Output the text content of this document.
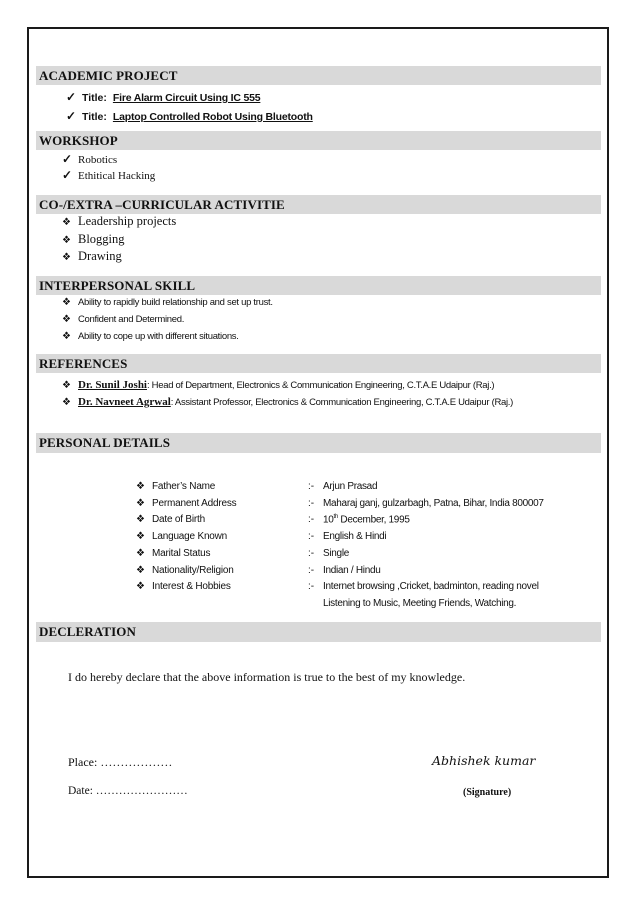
ACADEMIC PROJECT
✓ Title: Fire Alarm Circuit Using IC 555
✓ Title: Laptop Controlled Robot Using Bluetooth
WORKSHOP
✓ Robotics
✓ Ethitical Hacking
CO-/EXTRA –CURRICULAR ACTIVITIE
❖ Leadership projects
❖ Blogging
❖ Drawing
INTERPERSONAL SKILL
❖ Ability to rapidly build relationship and set up trust.
❖ Confident and Determined.
❖ Ability to cope up with different situations.
REFERENCES
❖ Dr. Sunil Joshi: Head of Department, Electronics & Communication Engineering, C.T.A.E Udaipur (Raj.)
❖ Dr. Navneet Agrwal: Assistant Professor, Electronics & Communication Engineering, C.T.A.E Udaipur (Raj.)
PERSONAL DETAILS
❖ Father’s Name	:- Arjun Prasad
❖ Permanent Address	:- Maharaj ganj, gulzarbagh, Patna, Bihar, India 800007
❖ Date of Birth	:- 10th December, 1995
❖ Language Known	:- English & Hindi
❖ Marital Status	:- Single
❖ Nationality/Religion	:- Indian / Hindu
❖ Interest & Hobbies	:- Internet browsing ,Cricket, badminton, reading novel
Listening to Music, Meeting Friends, Watching.
DECLERATION
I do hereby declare that the above information is true to the best of my knowledge.
Place: ………………	Abhishek kumar
Date: ……………………	(Signature)
